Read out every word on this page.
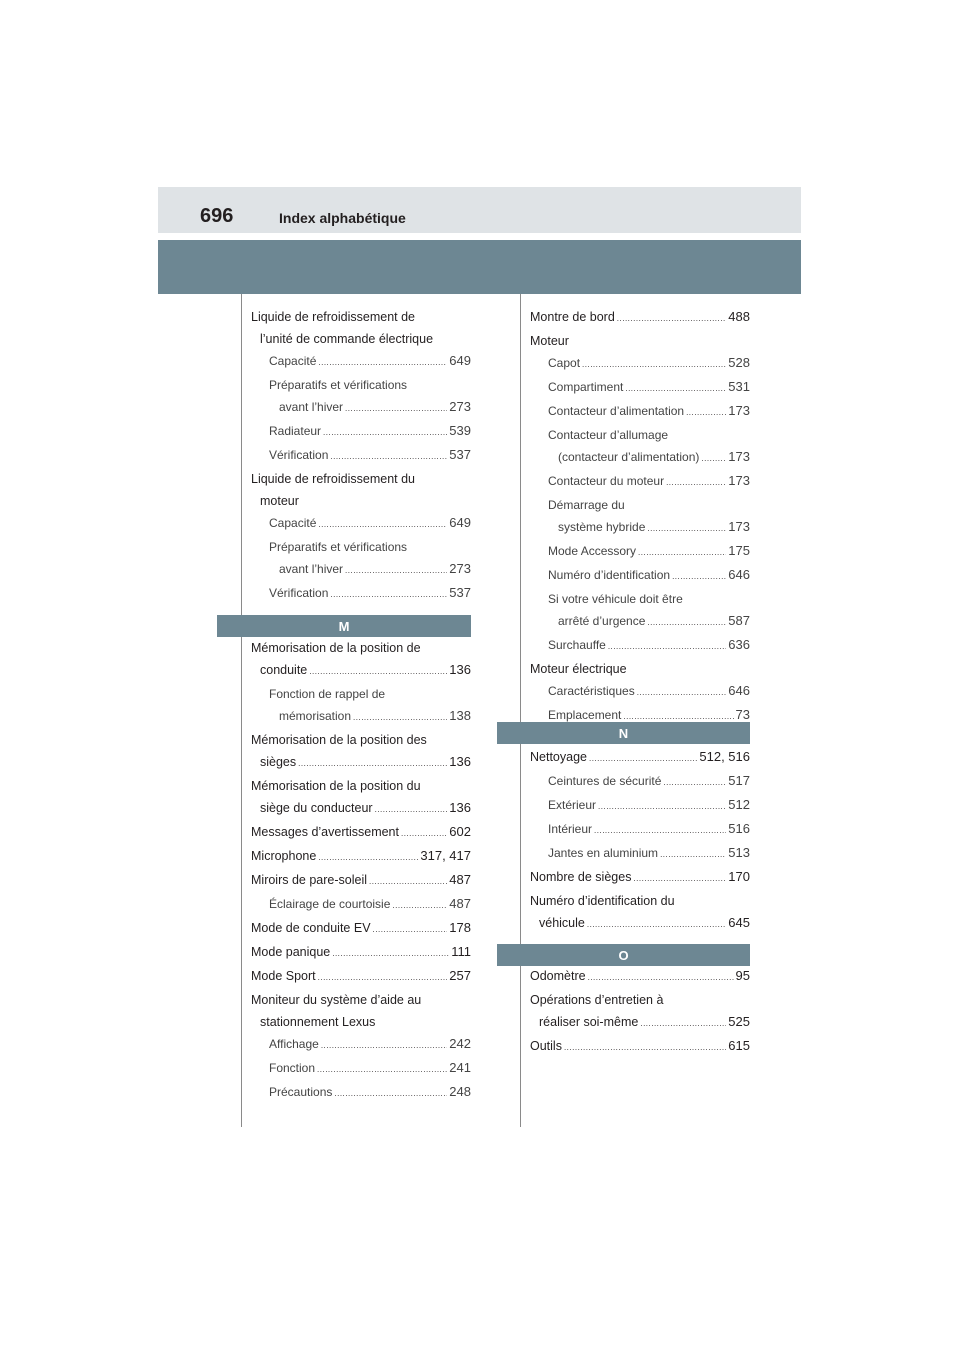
696	Index alphabétique
Liquide de refroidissement de
l’unité de commande électrique
Capacité .....	649
Préparatifs et vérifications
avant l’hiver .....	273
Radiateur .....	539
Vérification .....	537
Liquide de refroidissement du
moteur
Capacité .....	649
Préparatifs et vérifications
avant l’hiver .....	273
Vérification .....	537
M
Mémorisation de la position de
conduite .....	136
Fonction de rappel de
mémorisation .....	138
Mémorisation de la position des
sièges .....	136
Mémorisation de la position du
siège du conducteur .....	136
Messages d’avertissement .....	602
Microphone .....	317, 417
Miroirs de pare-soleil .....	487
Éclairage de courtoisie .....	487
Mode de conduite EV .....	178
Mode panique .....	111
Mode Sport .....	257
Moniteur du système d’aide au
stationnement Lexus
Affichage .....	242
Fonction .....	241
Précautions .....	248
Montre de bord .....	488
Moteur
Capot .....	528
Compartiment .....	531
Contacteur d’alimentation .....	173
Contacteur d’allumage
(contacteur d’alimentation) ..... 173
Contacteur du moteur .....	173
Démarrage du
système hybride .....	173
Mode Accessory .....	175
Numéro d’identification .....	646
Si votre véhicule doit être
arrêté d’urgence .....	587
Surchauffe .....	636
Moteur électrique
Caractéristiques .....	646
Emplacement .....	73
N
Nettoyage .....	512, 516
Ceintures de sécurité .....	517
Extérieur .....	512
Intérieur .....	516
Jantes en aluminium .....	513
Nombre de sièges .....	170
Numéro d’identification du
véhicule .....	645
O
Odomètre .....	95
Opérations d’entretien à
réaliser soi-même .....	525
Outils .....	615
